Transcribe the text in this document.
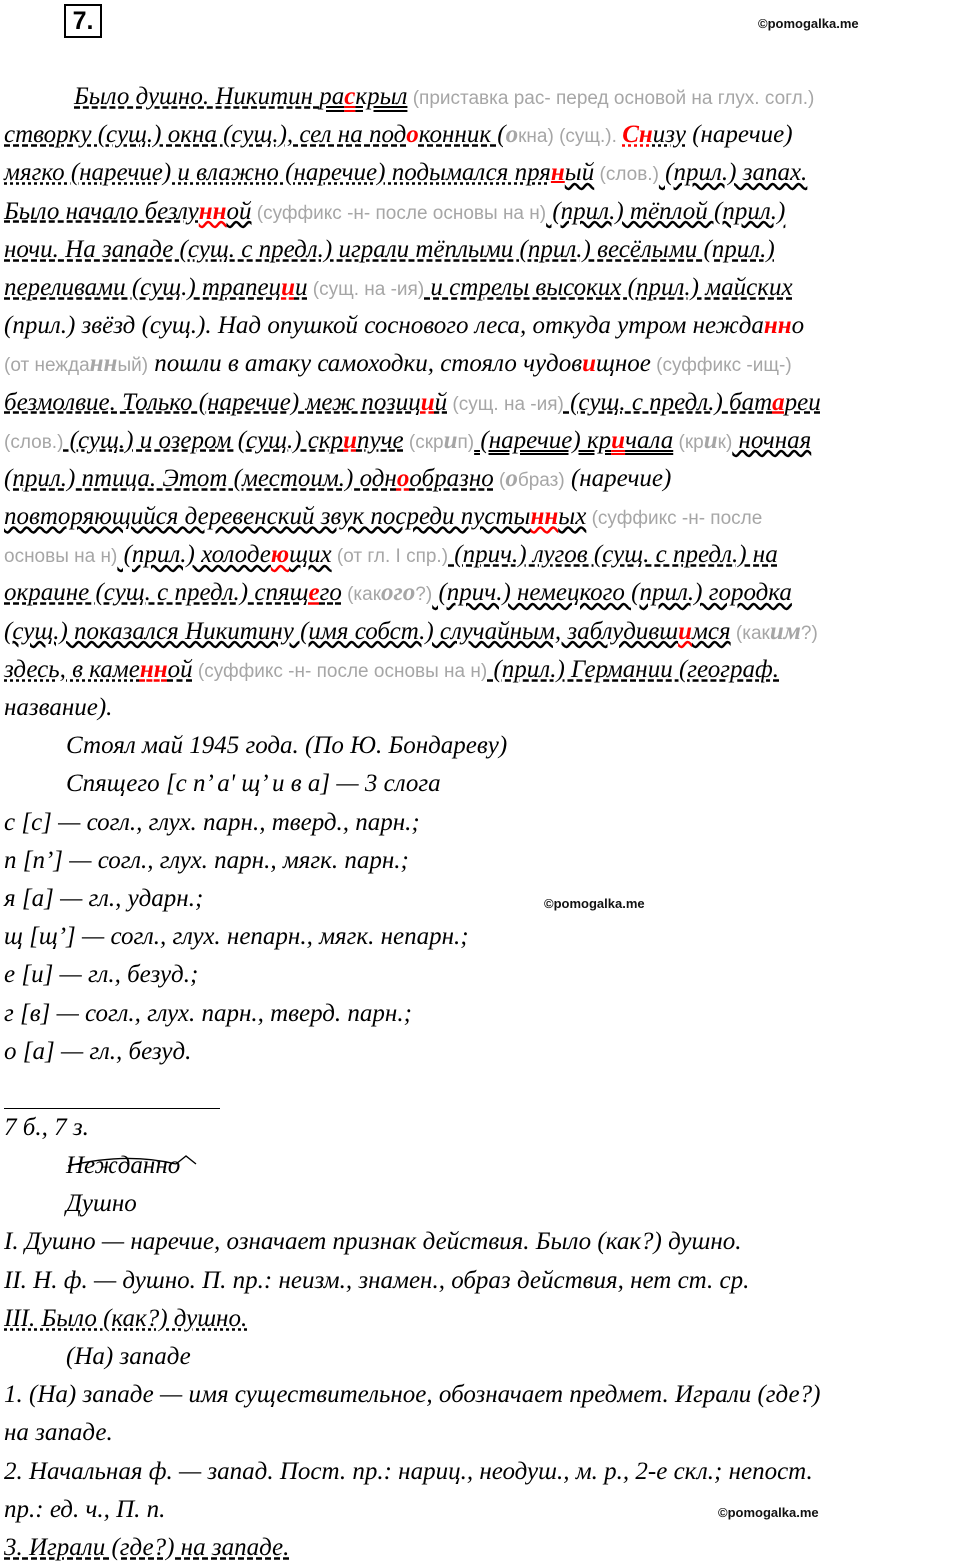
7.	©pomogalka.me
©pomogalka.me
©pomogalka.me
Было душно. Никитин раскрыл (приставка рас- перед основой на глух. согл.)
створку (сущ.) окна (сущ.), сел на подоконник (окна) (сущ.). Снизу (наречие)
мягко (наречие) и влажно (наречие) подымался пряный (слов.) (прил.) запах.
Было начало безлунной (суффикс -н- после основы на н) (прил.) тёплой (прил.)
ночи. На западе (сущ. с предл.) играли тёплыми (прил.) весёлыми (прил.)
переливами (сущ.) трапеции (сущ. на -ия) и стрелы высоких (прил.) майских
(прил.) звёзд (сущ.). Над опушкой соснового леса, откуда утром нежданно
(от нежданный) пошли в атаку самоходки, стояло чудовищное (суффикс -ищ-)
безмолвие. Только (наречие) меж позиций (сущ. на -ия) (сущ. с предл.) батареи
(слов.) (сущ.) и озером (сущ.) скрипуче (скрип) (наречие) кричала (крик) ночная
(прил.) птица. Этот (местоим.) однообразно (образ) (наречие)
повторяющийся деревенский звук посреди пустынных (суффикс -н- после
основы на н) (прил.) холодеющих (от гл. I спр.) (прич.) лугов (сущ. с предл.) на
окраине (сущ. с предл.) спящего (какого?) (прич.) немецкого (прил.) городка
(сущ.) показался Никитину (имя собст.) случайным, заблудившимся (каким?)
здесь, в каменной (суффикс -н- после основы на н) (прил.) Германии (географ.
название).
Стоял май 1945 года. (По Ю. Бондареву)
Спящего [с п’ а' щ’ и в а] — 3 слога
с [с] — согл., глух. парн., тверд., парн.;
п [п’] — согл., глух. парн., мягк. парн.;
я [а] — гл., ударн.;
щ [щ’] — согл., глух. непарн., мягк. непарн.;
е [и] — гл., безуд.;
г [в] — согл., глух. парн., тверд. парн.;
о [а] — гл., безуд.
7 б., 7 з.
Нежданно
Душно
I. Душно — наречие, означает признак действия. Было (как?) душно.
II. Н. ф. — душно. П. пр.: неизм., знамен., образ действия, нет ст. ср.
III. Было (как?) душно.
(На) западе
1. (На) западе — имя существительное, обозначает предмет. Играли (где?)
на западе.
2. Начальная ф. — запад. Пост. пр.: нариц., неодуш., м. р., 2-е скл.; непост.
пр.: ед. ч., П. п.
3. Играли (где?) на западе.
